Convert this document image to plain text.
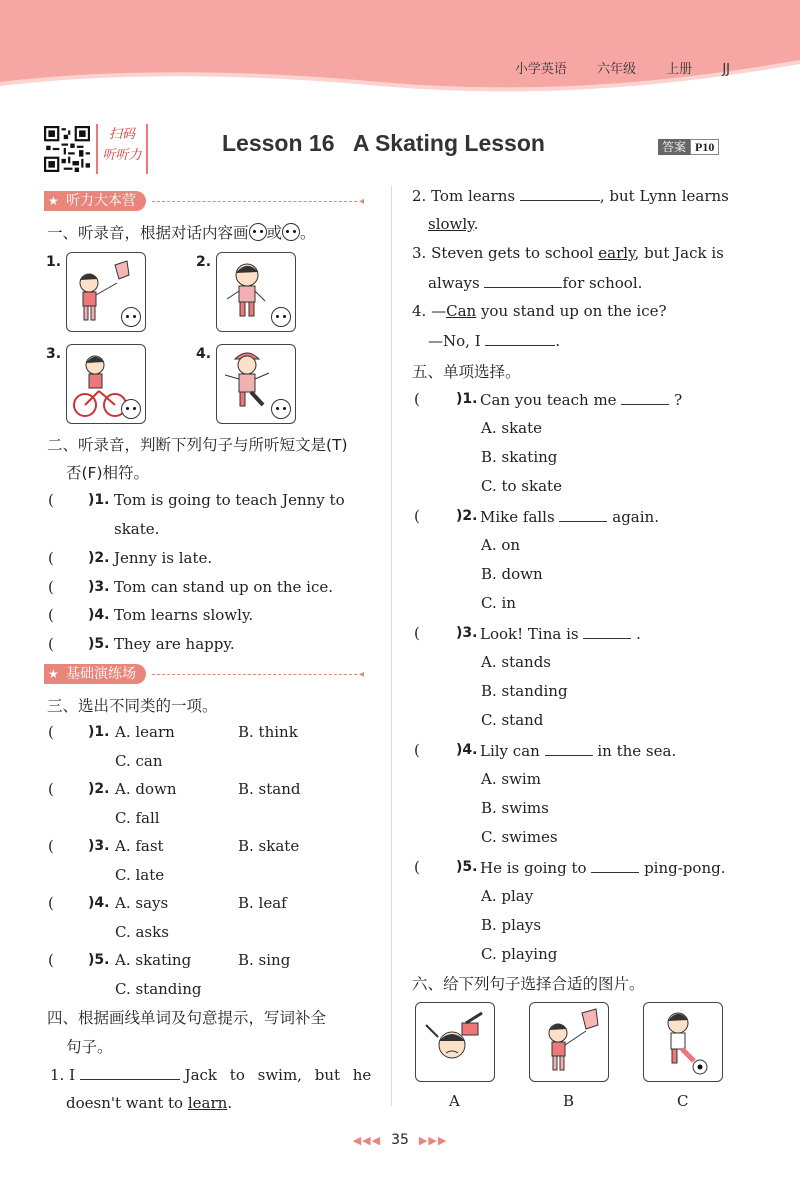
小学英语 六年级 上册 JJ
扫码
听听力	Lesson 16   A Skating Lesson	答案 P10
★ 听力大本营	◂
一、听录音，根据对话内容画 或 。
1.	2.
3.	4.
二、听录音，判断下列句子与所听短文是(T)
否(F)相符。
★ 基础演练场	◂
三、选出不同类的一项。
四、根据画线单词及句意提示，写词补全
句子。
1. I	Jack to swim, but he
doesn't want to learn.
2. Tom learns	, but Lynn learns
slowly.
3. Steven gets to school early, but Jack is
always	for school.
4. —Can you stand up on the ice?
—No, I	.
五、单项选择。
六、给下列句子选择合适的图片。
A	B	C
◀◀◀ 35 ▶▶▶
(	)1. Tom is going to teach Jenny to
skate.
(	)2. Jenny is late.
(	)3. Tom can stand up on the ice.
(	)4. Tom learns slowly.
(	)5. They are happy.
(	)1. A. learn	B. think
C. can
(	)2. A. down	B. stand
C. fall
(	)3. A. fast	B. skate
C. late
(	)4. A. says	B. leaf
C. asks
(	)5. A. skating	B. sing
C. standing
(	)1. Can you teach me	?
A. skate
B. skating
C. to skate
(	)2. Mike falls	again.
A. on
B. down
C. in
(	)3. Look! Tina is	.
A. stands
B. standing
C. stand
(	)4. Lily can	in the sea.
A. swim
B. swims
C. swimes
(	)5. He is going to	ping-pong.
A. play
B. plays
C. playing
